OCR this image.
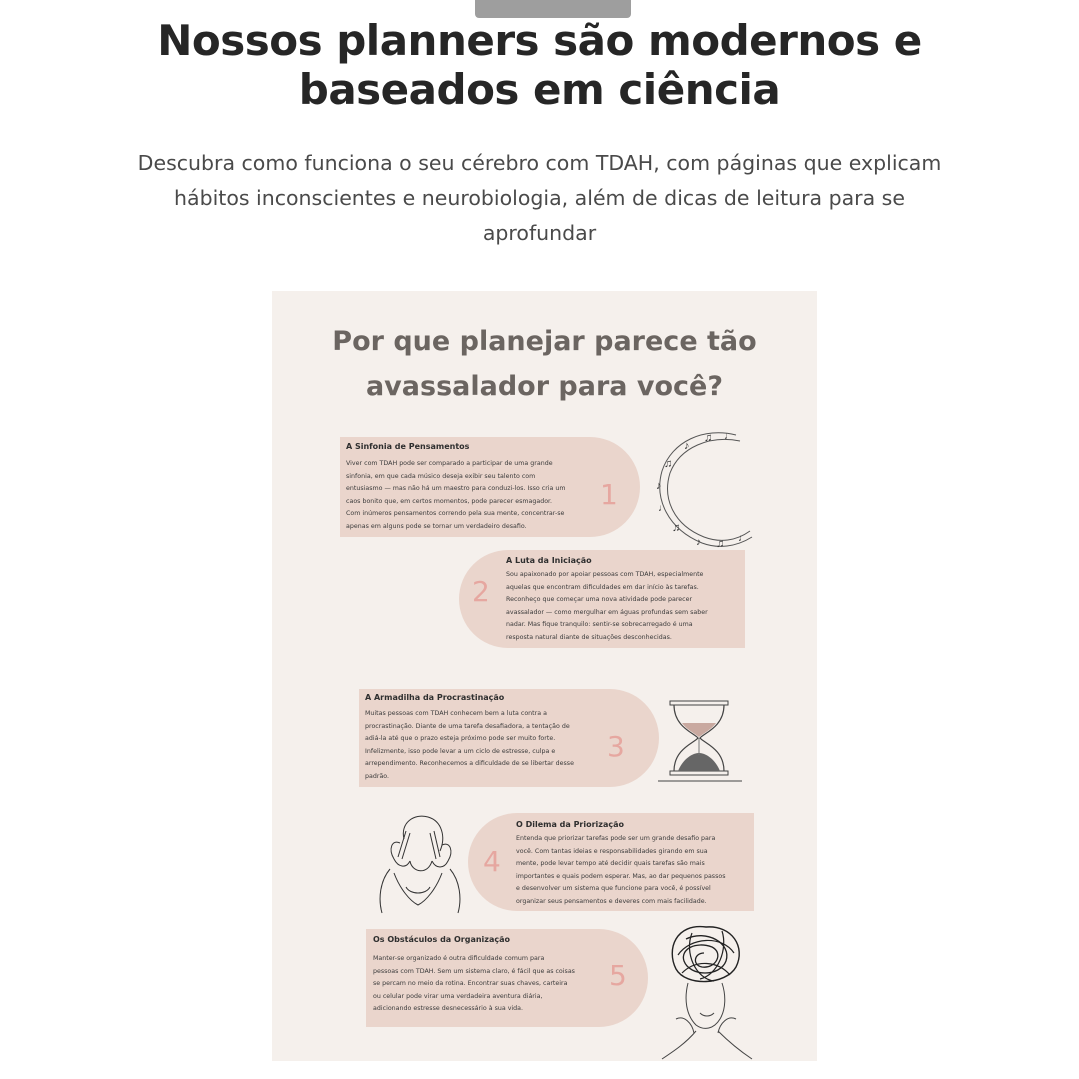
Nossos planners são modernos e
baseados em ciência

Descubra como funciona o seu cérebro com TDAH, com páginas que explicam
hábitos inconscientes e neurobiologia, além de dicas de leitura para se
aprofundar

Por que planejar parece tão
avassalador para você?
A Sinfonia de Pensamentos
Viver com TDAH pode ser comparado a participar de uma grande
sinfonia, em que cada músico deseja exibir seu talento com
entusiasmo — mas não há um maestro para conduzi-los. Isso cria um
caos bonito que, em certos momentos, pode parecer esmagador.
Com inúmeros pensamentos correndo pela sua mente, concentrar-se
apenas em alguns pode se tornar um verdadeiro desafio.
1
♪
♫ ♩
♫
♪
♩
♫
♪ ♫ ♩
A Luta da Iniciação
Sou apaixonado por apoiar pessoas com TDAH, especialmente
aquelas que encontram dificuldades em dar início às tarefas.
Reconheço que começar uma nova atividade pode parecer
avassalador — como mergulhar em águas profundas sem saber
nadar. Mas fique tranquilo: sentir-se sobrecarregado é uma
resposta natural diante de situações desconhecidas.
2
A Armadilha da Procrastinação
Muitas pessoas com TDAH conhecem bem a luta contra a
procrastinação. Diante de uma tarefa desafiadora, a tentação de
adiá-la até que o prazo esteja próximo pode ser muito forte.
Infelizmente, isso pode levar a um ciclo de estresse, culpa e
arrependimento. Reconhecemos a dificuldade de se libertar desse
padrão.
3
O Dilema da Priorização
Entenda que priorizar tarefas pode ser um grande desafio para
você. Com tantas ideias e responsabilidades girando em sua
mente, pode levar tempo até decidir quais tarefas são mais
importantes e quais podem esperar. Mas, ao dar pequenos passos
e desenvolver um sistema que funcione para você, é possível
organizar seus pensamentos e deveres com mais facilidade.
4
Os Obstáculos da Organização
Manter-se organizado é outra dificuldade comum para
pessoas com TDAH. Sem um sistema claro, é fácil que as coisas
se percam no meio da rotina. Encontrar suas chaves, carteira
ou celular pode virar uma verdadeira aventura diária,
adicionando estresse desnecessário à sua vida.
5
